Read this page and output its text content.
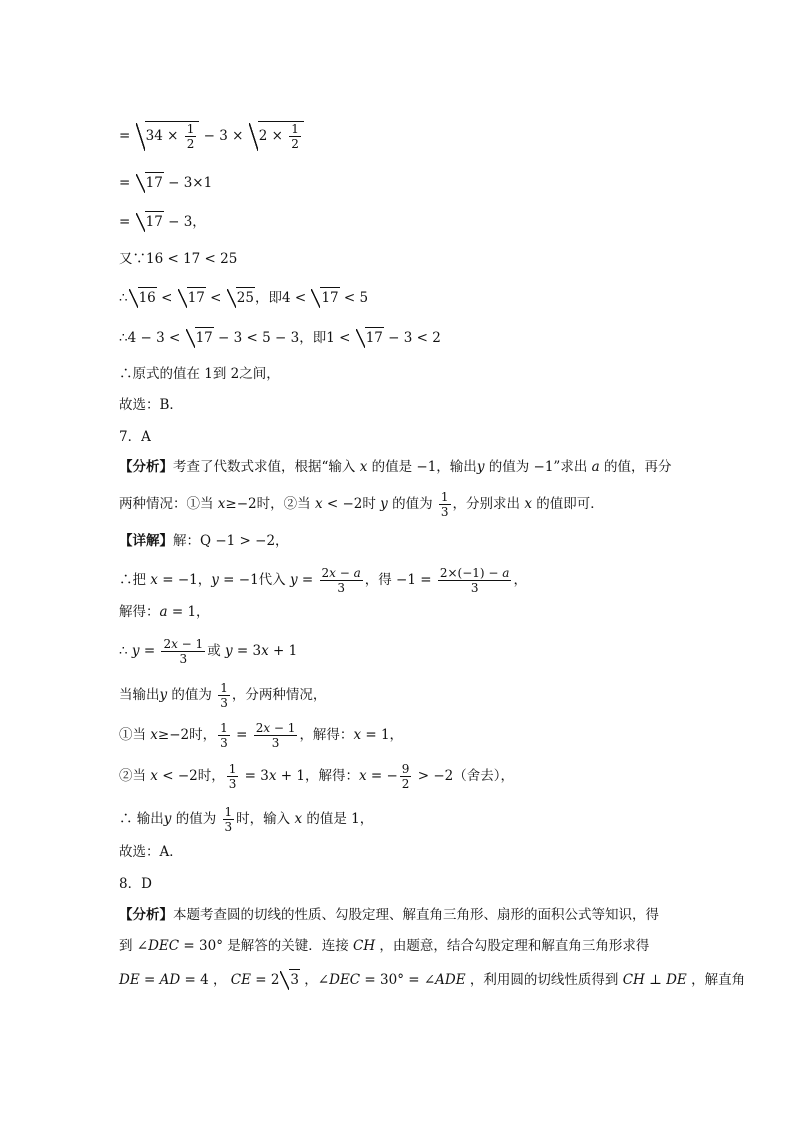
= $34 \times \frac{1}{2} - 3 \times 2 \times \frac{1}{2}$
= 17 − 3×1
= 17 − 3，
又∵16 < 17 < 25
∴ 16 < 17 < 25，即4 < 17 < 5
∴4 − 3 < 17 − 3 < 5 − 3，即1 < 17 − 3 < 2
∴原式的值在 1到 2之间，
故选：B．
7．A
【分析】考查了代数式求值，根据“输入 x 的值是 −1，输出y 的值为 −1”求出 a 的值，再分
两种情况：①当 x≥−2时，②当 x < −2时 y 的值为 $\frac{1}{3}$ ，分别求出 x 的值即可．
【详解】解：Q −1 > −2，
∴把 x = −1，y = −1代入 $y = \frac{2x - a}{3}$ ，得 $-1 = \frac{2\times(-1) - a}{3}$ ，
解得：a = 1，
∴ $y = \frac{2x - 1}{3}$ 或 y = 3x + 1
当输出y 的值为 $\frac{1}{3}$ ，分两种情况，
①当 x≥−2时， $\frac{1}{3} = \frac{2x - 1}{3}$ ，解得：x = 1，
②当 x < −2时， $\frac{1}{3} = 3x + 1$，解得：x = − $\frac{9}{2} > -2$（舍去），
∴ 输出y 的值为 $\frac{1}{3}$ 时，输入 x 的值是 1，
故选：A．
8．D
【分析】本题考查圆的切线的性质、勾股定理、解直角三角形、扇形的面积公式等知识，得
到 ∠DEC = 30° 是解答的关键．连接 CH ，由题意，结合勾股定理和解直角三角形求得
DE = AD = 4 ， CE = 2 3 ，∠DEC = 30° = ∠ADE ，利用圆的切线性质得到 CH ⊥ DE ，解直角
